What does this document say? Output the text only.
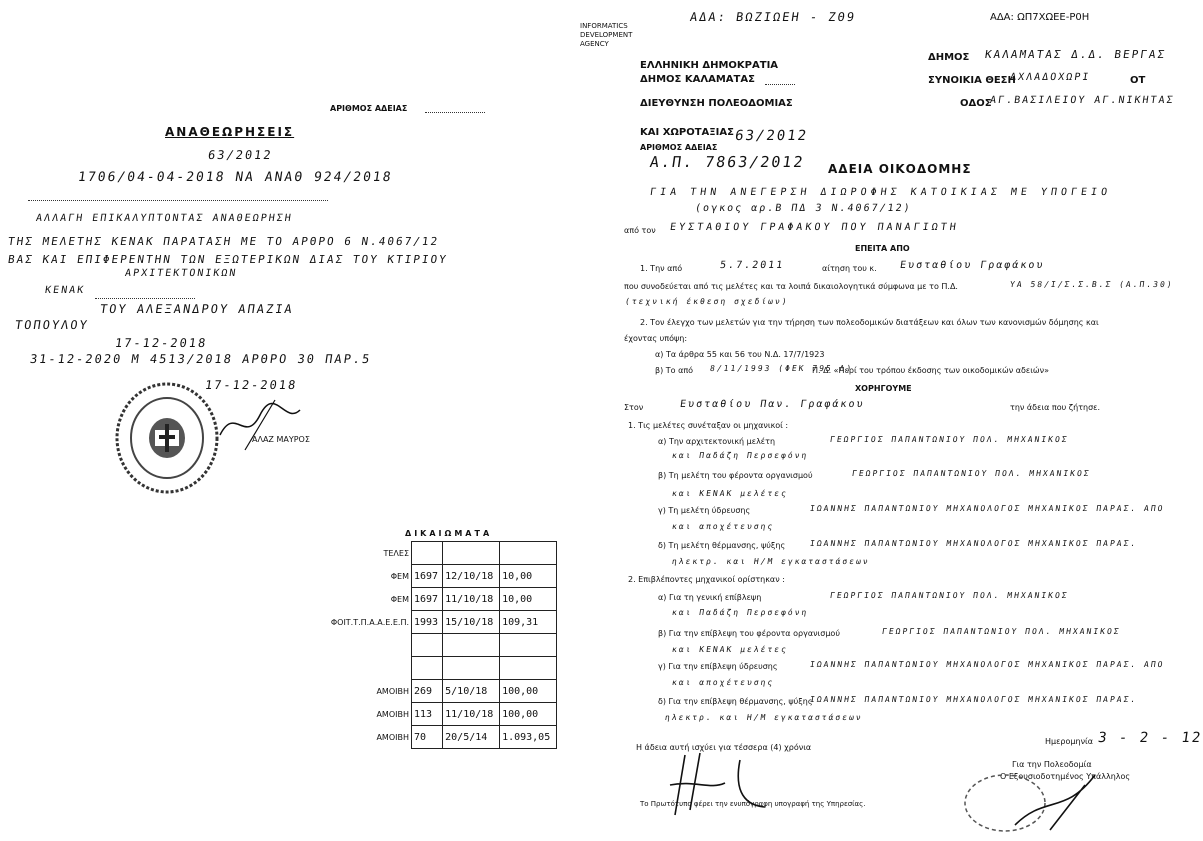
INFORMATICS DEVELOPMENT AGENCY
ΑΔΑ: ΒΩΖΙΩΕΗ - ΖΘ9	ΑΔΑ: ΩΠ7ΧΩΕΕ-Ρ0Η
ΑΡΙΘΜΟΣ ΑΔΕΙΑΣ
ΑΝΑΘΕΩΡΗΣΕΙΣ
63/2012
1706/04-04-2018 ΝΑ ΑΝΑΘ 924/2018
ΑΛΛΑΓΗ ΕΠΙΚΑΛΥΠΤΟΝΤΑΣ ΑΝΑΘΕΩΡΗΣΗ
ΤΗΣ ΜΕΛΕΤΗΣ ΚΕΝΑΚ ΠΑΡΑΤΑΣΗ ΜΕ ΤΟ ΑΡΘΡΟ 6 Ν.4067/12
ΒΑΣ ΚΑΙ ΕΠΙΦΕΡΕΝΤΗΝ ΤΩΝ ΕΞΩΤΕΡΙΚΩΝ ΔΙΑΣ ΤΟΥ ΚΤΙΡΙΟΥ
ΑΡΧΙΤΕΚΤΟΝΙΚΩΝ
ΚΕΝΑΚ
ΤΟΥ ΑΛΕΞΑΝΔΡΟΥ ΑΠΑΖΙΑ
ΤΟΠΟΥΛΟΥ
17-12-2018
31-12-2020 Μ 4513/2018 ΑΡΘΡΟ 30 ΠΑΡ.5
17-12-2018
ΑΛΑΖ ΜΑΥΡΟΣ
ΔΙΚΑΙΩΜΑΤΑ
ΤΕΛΕΣ			
ΦΕΜ	1697	12/10/18	10,00
ΦΕΜ	1697	11/10/18	10,00
ΦΟΙΤ.Τ.Π.Α.Α.Ε.Ε.Π.	1993	15/10/18	109,31

ΑΜΟΙΒΗ	269	5/10/18	100,00
ΑΜΟΙΒΗ	113	11/10/18	100,00
ΑΜΟΙΒΗ	70	20/5/14	1.093,05
ΕΛΛΗΝΙΚΗ ΔΗΜΟΚΡΑΤΙΑ
ΔΗΜΟΣ ΚΑΛΑΜΑΤΑΣ
ΔΙΕΥΘΥΝΣΗ ΠΟΛΕΟΔΟΜΙΑΣ
ΚΑΙ ΧΩΡΟΤΑΞΙΑΣ
ΑΡΙΘΜΟΣ ΑΔΕΙΑΣ
63/2012
Α.Π. 7863/2012
ΔΗΜΟΣ ΚΑΛΑΜΑΤΑΣ Δ.Δ. ΒΕΡΓΑΣ
ΣΥΝΟΙΚΙΑ ΘΕΣΗ
ΑΧΛΑΔΟΧΩΡΙ	ΟΤ
ΟΔΟΣ
ΑΓ.ΒΑΣΙΛΕΙΟΥ ΑΓ.ΝΙΚΗΤΑΣ
ΑΔΕΙΑ ΟΙΚΟΔΟΜΗΣ
ΓΙΑ ΤΗΝ ΑΝΕΓΕΡΣΗ ΔΙΩΡΟΦΗΣ ΚΑΤΟΙΚΙΑΣ ΜΕ ΥΠΟΓΕΙΟ
(ογκος αρ.Β ΠΔ 3 Ν.4067/12)
από τον ΕΥΣΤΑΘΙΟΥ ΓΡΑΦΑΚΟΥ ΠΟΥ ΠΑΝΑΓΙΩΤΗ
ΕΠΕΙΤΑ ΑΠΟ
1. Την από	5.7.2011	αίτηση του κ. Ευσταθίου Γραφάκου
που συνοδεύεται από τις μελέτες και τα λοιπά δικαιολογητικά σύμφωνα με το Π.Δ.	ΥΑ 58/Ι/Σ.Σ.Β.Σ (Α.Π.30)
(τεχνική έκθεση σχεδίων)
2. Τον έλεγχο των μελετών για την τήρηση των πολεοδομικών διατάξεων και όλων των κανονισμών δόμησης και
έχοντας υπόψη:
α) Τα άρθρα 55 και 56 του Ν.Δ. 17/7/1923
β) Το από 8/11/1993 (ΦΕΚ 795 Δ)
Π. Δ. «Περί του τρόπου έκδοσης των οικοδομικών αδειών»
ΧΟΡΗΓΟΥΜΕ
Στον	Ευσταθίου Παν. Γραφάκου	την άδεια που ζήτησε.
1. Τις μελέτες συνέταξαν οι μηχανικοί :
α) Την αρχιτεκτονική μελέτη	ΓΕΩΡΓΙΟΣ ΠΑΠΑΝΤΩΝΙΟΥ ΠΟΛ. ΜΗΧΑΝΙΚΟΣ
και Παδάζη Περσεφόνη
β) Τη μελέτη του φέροντα οργανισμού	ΓΕΩΡΓΙΟΣ ΠΑΠΑΝΤΩΝΙΟΥ ΠΟΛ. ΜΗΧΑΝΙΚΟΣ
και ΚΕΝΑΚ μελέτες
γ) Τη μελέτη ύδρευσης	ΙΩΑΝΝΗΣ ΠΑΠΑΝΤΩΝΙΟΥ ΜΗΧΑΝΟΛΟΓΟΣ ΜΗΧΑΝΙΚΟΣ ΠΑΡΑΣ. ΑΠΟ
και αποχέτευσης
δ) Τη μελέτη θέρμανσης, ψύξης	ΙΩΑΝΝΗΣ ΠΑΠΑΝΤΩΝΙΟΥ ΜΗΧΑΝΟΛΟΓΟΣ ΜΗΧΑΝΙΚΟΣ ΠΑΡΑΣ.
ηλεκτρ. και Η/Μ εγκαταστάσεων
2. Επιβλέποντες μηχανικοί ορίστηκαν :
α) Για τη γενική επίβλεψη	ΓΕΩΡΓΙΟΣ ΠΑΠΑΝΤΩΝΙΟΥ ΠΟΛ. ΜΗΧΑΝΙΚΟΣ
και Παδάζη Περσεφόνη
β) Για την επίβλεψη του φέροντα οργανισμού	ΓΕΩΡΓΙΟΣ ΠΑΠΑΝΤΩΝΙΟΥ ΠΟΛ. ΜΗΧΑΝΙΚΟΣ
και ΚΕΝΑΚ μελέτες
γ) Για την επίβλεψη ύδρευσης	ΙΩΑΝΝΗΣ ΠΑΠΑΝΤΩΝΙΟΥ ΜΗΧΑΝΟΛΟΓΟΣ ΜΗΧΑΝΙΚΟΣ ΠΑΡΑΣ. ΑΠΟ
και αποχέτευσης
δ) Για την επίβλεψη θέρμανσης, ψύξης
ΙΩΑΝΝΗΣ ΠΑΠΑΝΤΩΝΙΟΥ ΜΗΧΑΝΟΛΟΓΟΣ ΜΗΧΑΝΙΚΟΣ ΠΑΡΑΣ.
ηλεκτρ. και Η/Μ εγκαταστάσεων
Η άδεια αυτή ισχύει για τέσσερα (4) χρόνια
Ημερομηνία 3 - 2 - 12
Για την Πολεοδομία
Ο Εξουσιοδοτημένος Υπάλληλος
Το Πρωτότυπο φέρει την ενυπόγραφη υπογραφή της Υπηρεσίας.
